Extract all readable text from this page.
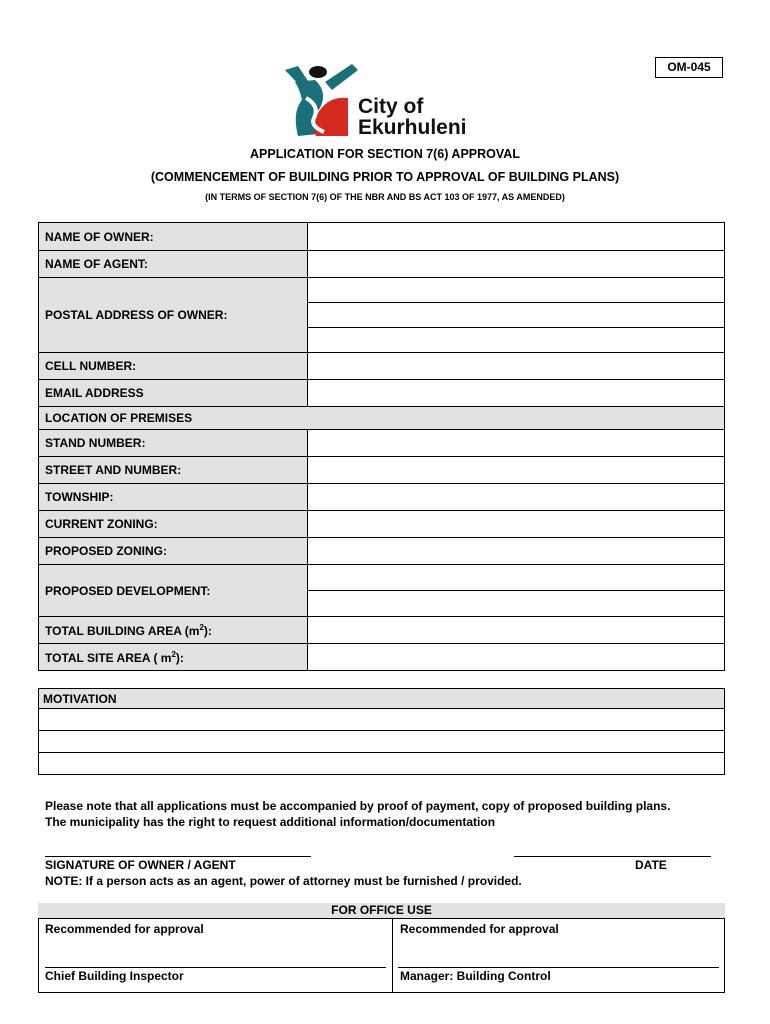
OM-045
City of
Ekurhuleni
APPLICATION FOR SECTION 7(6) APPROVAL
(COMMENCEMENT OF BUILDING PRIOR TO APPROVAL OF BUILDING PLANS)
(IN TERMS OF SECTION 7(6) OF THE NBR AND BS ACT 103 OF 1977, AS AMENDED)
NAME OF OWNER:	
NAME OF AGENT:	
POSTAL ADDRESS OF OWNER:	

CELL NUMBER:	
EMAIL ADDRESS	
LOCATION OF PREMISES	
STAND NUMBER:	
STREET AND NUMBER:	
TOWNSHIP:	
CURRENT ZONING:	
PROPOSED ZONING:	
PROPOSED DEVELOPMENT:	

TOTAL BUILDING AREA $(m^2)$:	
TOTAL SITE AREA ( $m^2$):	
MOTIVATION

Please note that all applications must be accompanied by proof of payment, copy of proposed building plans.
The municipality has the right to request additional information/documentation
SIGNATURE OF OWNER / AGENT	DATE
NOTE: If a person acts as an agent, power of attorney must be furnished / provided.
FOR OFFICE USE
Recommended for approval	Recommended for approval
Chief Building Inspector	Manager: Building Control
